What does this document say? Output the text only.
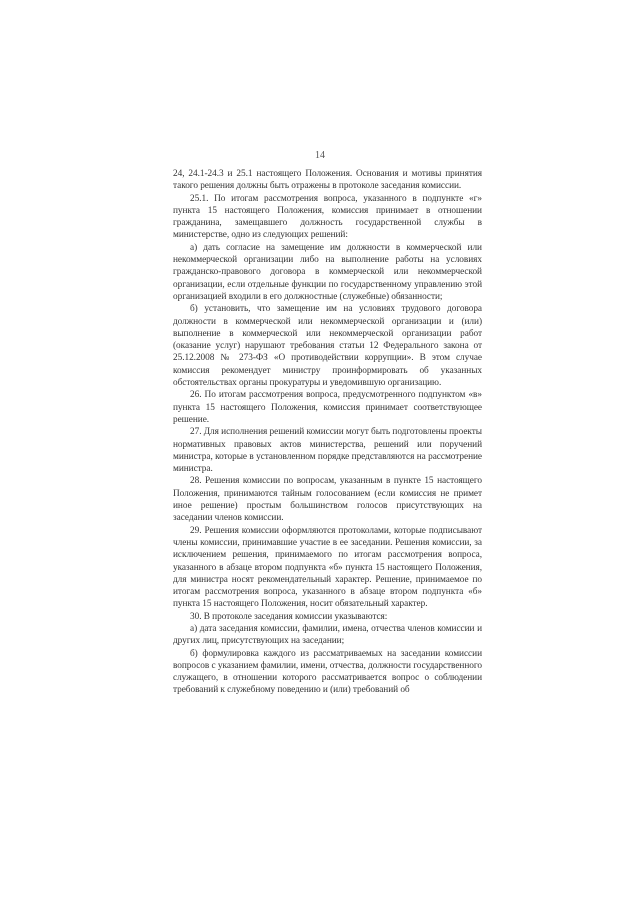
14

24, 24.1-24.3 и 25.1 настоящего Положения. Основания и мотивы принятия такого решения должны быть отражены в протоколе заседания комиссии.

25.1. По итогам рассмотрения вопроса, указанного в подпункте «г» пункта 15 настоящего Положения, комиссия принимает в отношении гражданина, замещавшего должность государственной службы в министерстве, одно из следующих решений:

а) дать согласие на замещение им должности в коммерческой или некоммерческой организации либо на выполнение работы на условиях гражданско-правового договора в коммерческой или некоммерческой организации, если отдельные функции по государственному управлению этой организацией входили в его должностные (служебные) обязанности;

б) установить, что замещение им на условиях трудового договора должности в коммерческой или некоммерческой организации и (или) выполнение в коммерческой или некоммерческой организации работ (оказание услуг) нарушают требования статьи 12 Федерального закона от 25.12.2008 № 273-ФЗ «О противодействии коррупции». В этом случае комиссия рекомендует министру проинформировать об указанных обстоятельствах органы прокуратуры и уведомившую организацию.

26. По итогам рассмотрения вопроса, предусмотренного подпунктом «в» пункта 15 настоящего Положения, комиссия принимает соответствующее решение.

27. Для исполнения решений комиссии могут быть подготовлены проекты нормативных правовых актов министерства, решений или поручений министра, которые в установленном порядке представляются на рассмотрение министра.

28. Решения комиссии по вопросам, указанным в пункте 15 настоящего Положения, принимаются тайным голосованием (если комиссия не примет иное решение) простым большинством голосов присутствующих на заседании членов комиссии.

29. Решения комиссии оформляются протоколами, которые подписывают члены комиссии, принимавшие участие в ее заседании. Решения комиссии, за исключением решения, принимаемого по итогам рассмотрения вопроса, указанного в абзаце втором подпункта «б» пункта 15 настоящего Положения, для министра носят рекомендательный характер. Решение, принимаемое по итогам рассмотрения вопроса, указанного в абзаце втором подпункта «б» пункта 15 настоящего Положения, носит обязательный характер.

30. В протоколе заседания комиссии указываются:

а) дата заседания комиссии, фамилии, имена, отчества членов комиссии и других лиц, присутствующих на заседании;

б) формулировка каждого из рассматриваемых на заседании комиссии вопросов с указанием фамилии, имени, отчества, должности государственного служащего, в отношении которого рассматривается вопрос о соблюдении требований к служебному поведению и (или) требований об
